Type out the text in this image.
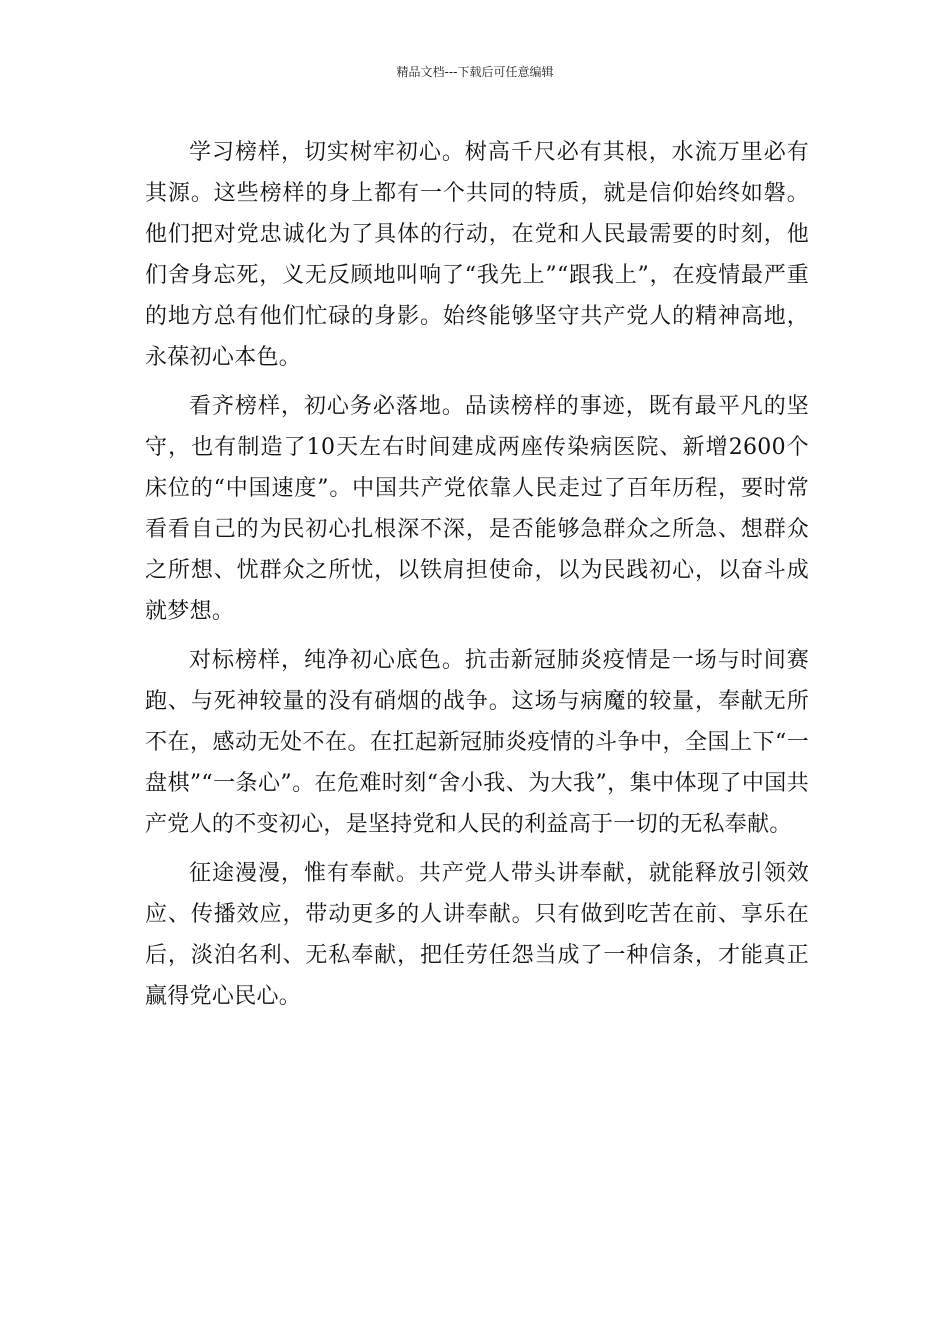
精品文档---下载后可任意编辑

学习榜样，切实树牢初心。树高千尺必有其根，水流万里必有其源。这些榜样的身上都有一个共同的特质，就是信仰始终如磐。他们把对党忠诚化为了具体的行动，在党和人民最需要的时刻，他们舍身忘死，义无反顾地叫响了“我先上”“跟我上”，在疫情最严重的地方总有他们忙碌的身影。始终能够坚守共产党人的精神高地，永葆初心本色。

看齐榜样，初心务必落地。品读榜样的事迹，既有最平凡的坚守，也有制造了10天左右时间建成两座传染病医院、新增2600个床位的“中国速度”。中国共产党依靠人民走过了百年历程，要时常看看自己的为民初心扎根深不深，是否能够急群众之所急、想群众之所想、忧群众之所忧，以铁肩担使命，以为民践初心，以奋斗成就梦想。

对标榜样，纯净初心底色。抗击新冠肺炎疫情是一场与时间赛跑、与死神较量的没有硝烟的战争。这场与病魔的较量，奉献无所不在，感动无处不在。在扛起新冠肺炎疫情的斗争中，全国上下“一盘棋”“一条心”。在危难时刻“舍小我、为大我”，集中体现了中国共产党人的不变初心，是坚持党和人民的利益高于一切的无私奉献。

征途漫漫，惟有奉献。共产党人带头讲奉献，就能释放引领效应、传播效应，带动更多的人讲奉献。只有做到吃苦在前、享乐在后，淡泊名利、无私奉献，把任劳任怨当成了一种信条，才能真正赢得党心民心。
